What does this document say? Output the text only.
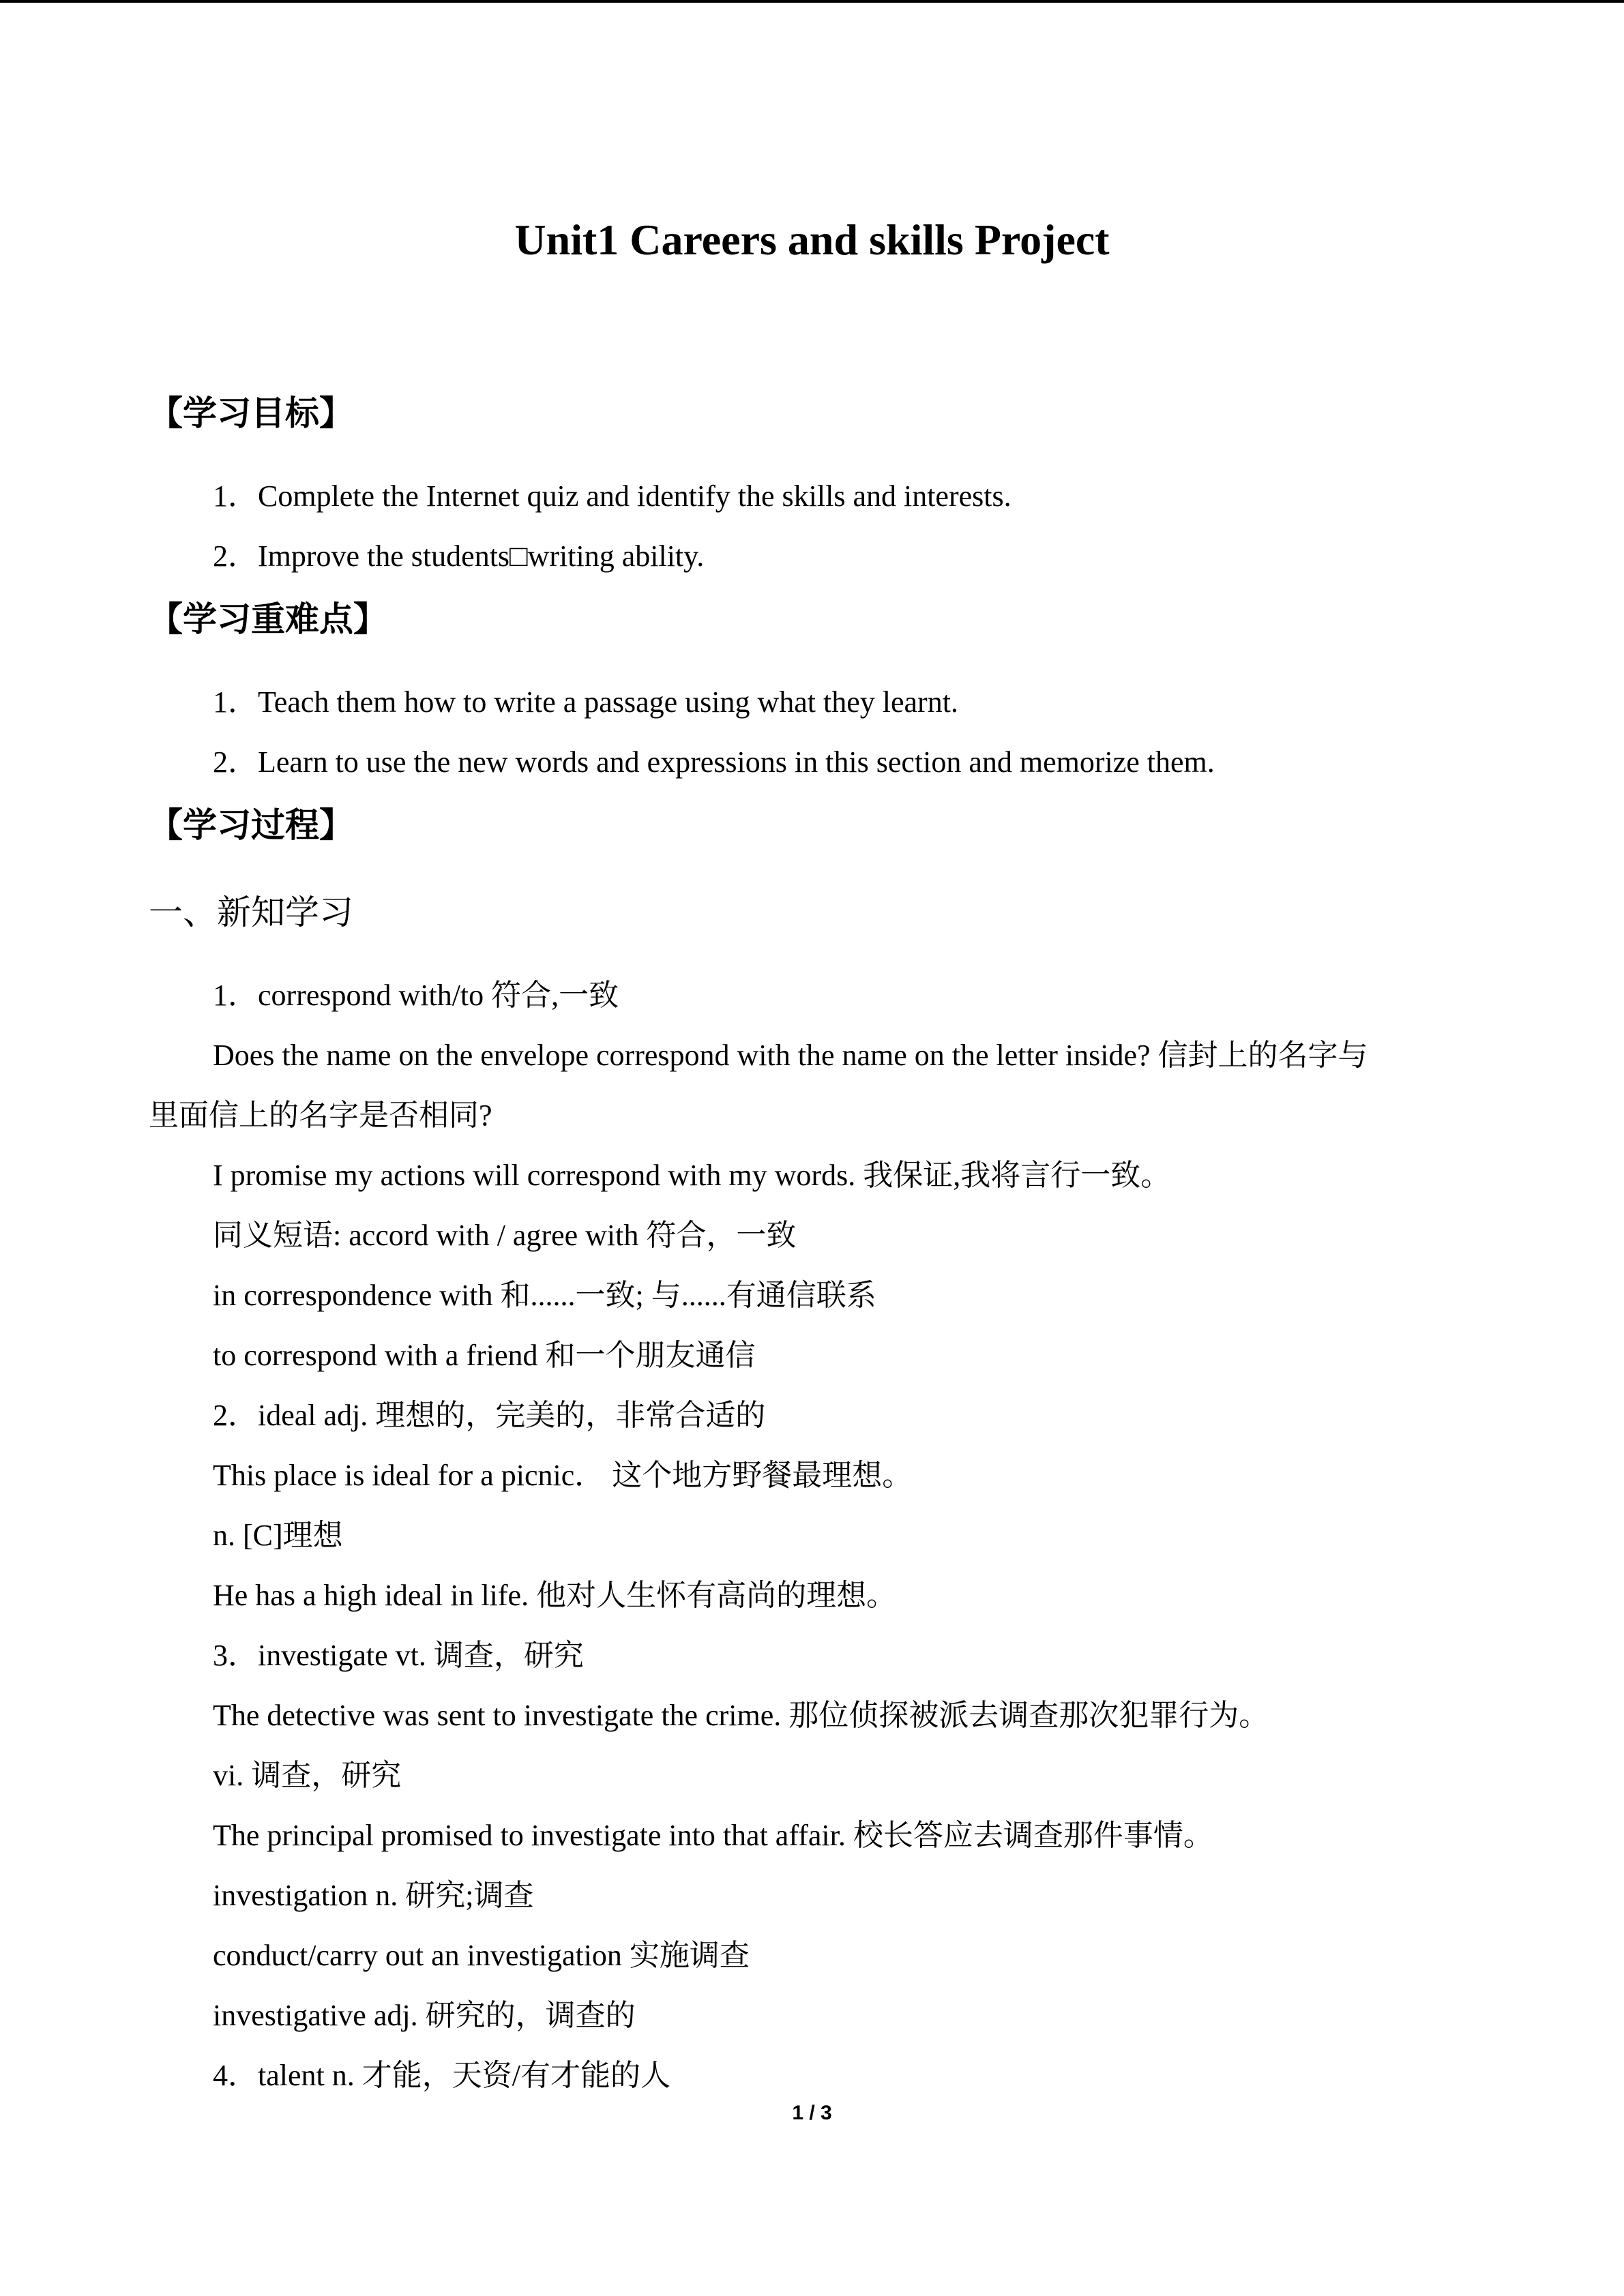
Unit1 Careers and skills Project
【学习目标】
1．Complete the Internet quiz and identify the skills and interests.
2．Improve the students□writing ability.
【学习重难点】
1．Teach them how to write a passage using what they learnt.
2．Learn to use the new words and expressions in this section and memorize them.
【学习过程】
一、新知学习
1．correspond with/to 符合,一致
Does the name on the envelope correspond with the name on the letter inside? 信封上的名字与
里面信上的名字是否相同?
I promise my actions will correspond with my words. 我保证,我将言行一致。
同义短语: accord with / agree with 符合，一致
in correspondence with 和......一致; 与......有通信联系
to correspond with a friend 和一个朋友通信
2．ideal adj. 理想的，完美的，非常合适的
This place is ideal for a picnic． 这个地方野餐最理想。
n. [C]理想
He has a high ideal in life. 他对人生怀有高尚的理想。
3．investigate vt. 调查，研究
The detective was sent to investigate the crime. 那位侦探被派去调查那次犯罪行为。
vi. 调查，研究
The principal promised to investigate into that affair. 校长答应去调查那件事情。
investigation n. 研究;调查
conduct/carry out an investigation 实施调查
investigative adj. 研究的，调查的
4．talent n. 才能，天资/有才能的人
1 / 3
